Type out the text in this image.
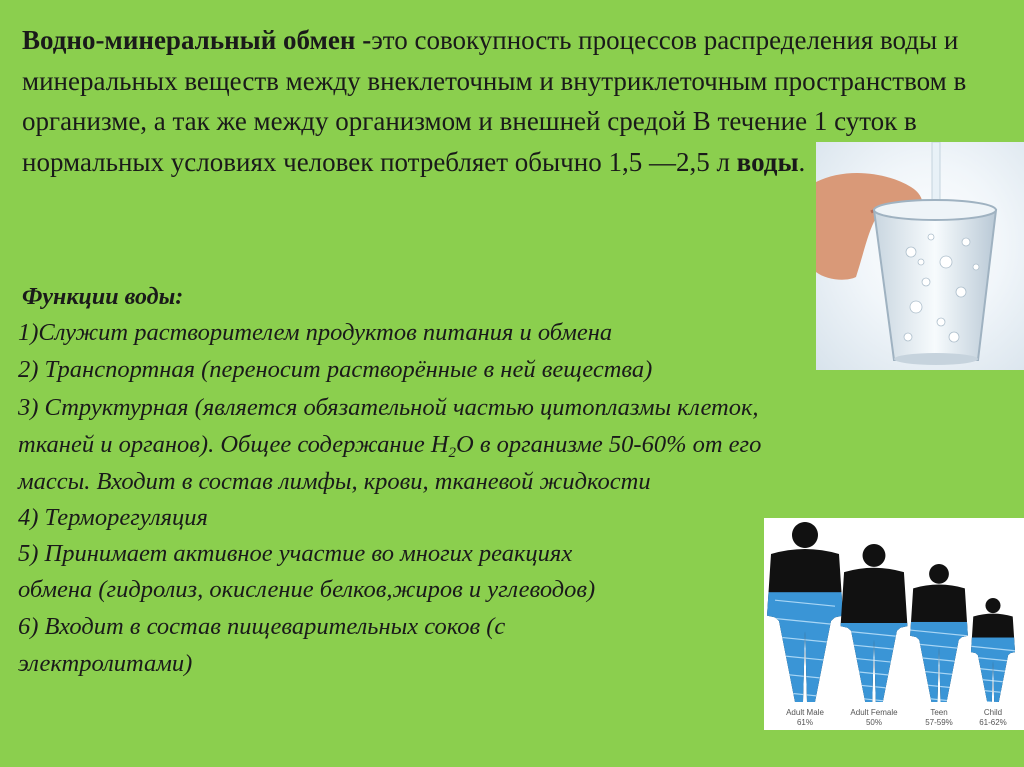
Водно-минеральный обмен -это совокупность процессов распределения воды и минеральных веществ между внеклеточным и внутриклеточным пространством в организме, а так же между организмом и внешней средой В течение 1 суток в нормальных условиях человек потребляет обычно 1,5 —2,5 л воды.

Функции воды:

1)Служит растворителем продуктов питания и обмена

2) Транспортная (переносит растворённые в ней вещества)

3) Структурная (является обязательной частью цитоплазмы клеток,

тканей и органов). Общее содержание $Н_2О$ в организме 50-60% от его

массы. Входит в состав лимфы, крови, тканевой жидкости

4) Терморегуляция

5) Принимает активное участие во многих реакциях

обмена (гидролиз, окисление белков,жиров и углеводов)

6) Входит в состав пищеварительных соков (с

электролитами)

Adult Male
61%
Adult Female
50%
Teen
57-59%
Child
61-62%
